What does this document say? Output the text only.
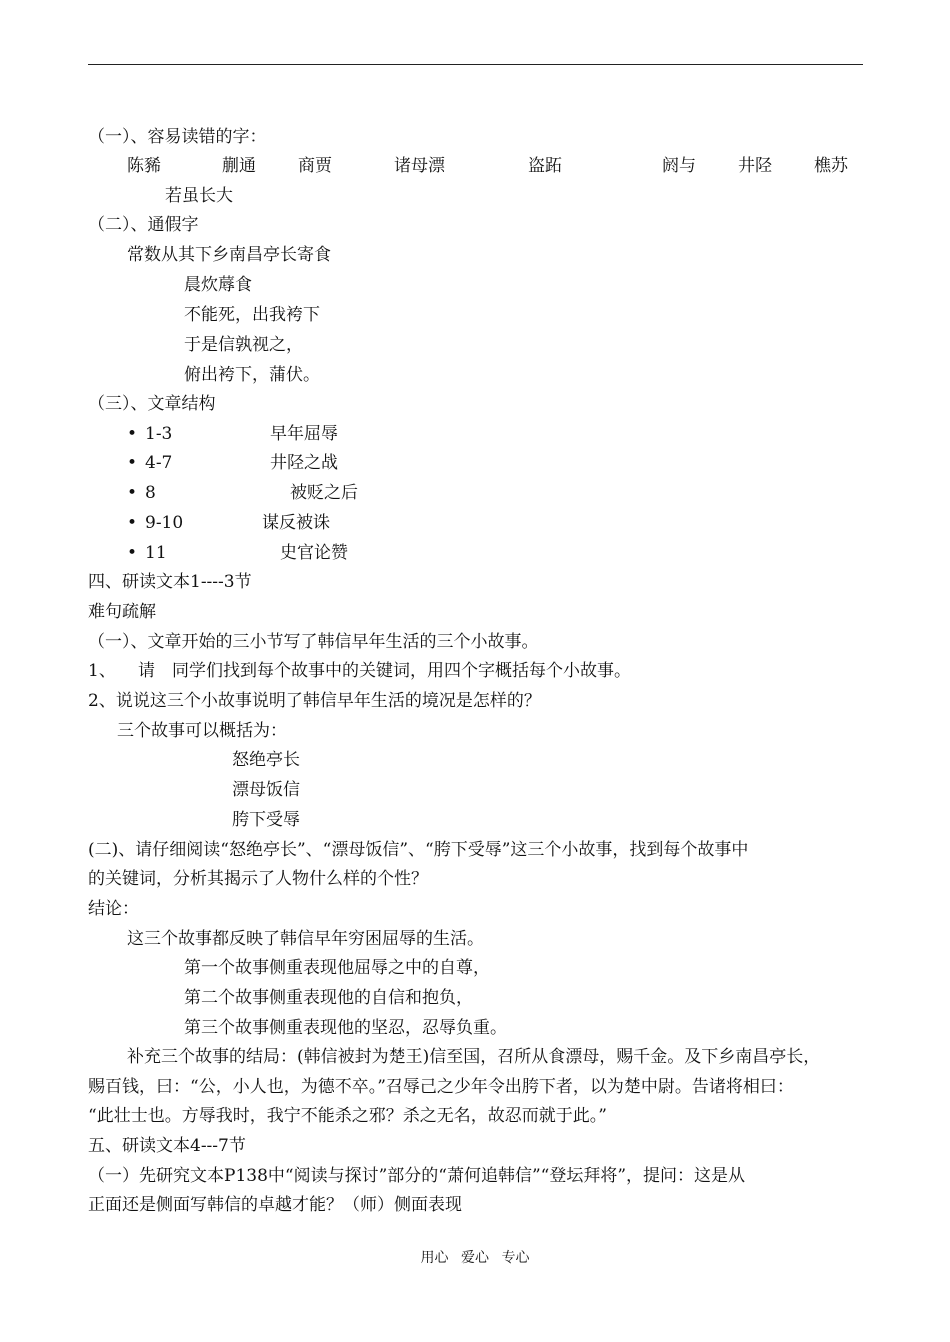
（一）、容易读错的字：
陈豨	蒯通 商贾	诸母漂	盗跖	阏与 井陉 樵苏
若虽长大
（二）、通假字
常数从其下乡南昌亭长寄食
晨炊蓐食
不能死，出我袴下
于是信孰视之，
俯出袴下，蒲伏。
（三）、文章结构
• 1-3	早年屈辱
• 4-7	井陉之战
• 8	被贬之后
• 9-10	谋反被诛
• 11	史官论赞
四、研读文本1----3节
难句疏解
（一）、文章开始的三小节写了韩信早年生活的三个小故事。
1、 请　同学们找到每个故事中的关键词，用四个字概括每个小故事。
2、说说这三个小故事说明了韩信早年生活的境况是怎样的？
三个故事可以概括为：
怒绝亭长
漂母饭信
胯下受辱
(二)、请仔细阅读“怒绝亭长”、“漂母饭信”、“胯下受辱”这三个小故事，找到每个故事中
的关键词，分析其揭示了人物什么样的个性？
结论：
这三个故事都反映了韩信早年穷困屈辱的生活。
第一个故事侧重表现他屈辱之中的自尊，
第二个故事侧重表现他的自信和抱负，
第三个故事侧重表现他的坚忍，忍辱负重。
补充三个故事的结局：(韩信被封为楚王)信至国，召所从食漂母，赐千金。及下乡南昌亭长，
赐百钱，曰：“公，小人也，为德不卒。”召辱己之少年令出胯下者，以为楚中尉。告诸将相曰：
“此壮士也。方辱我时，我宁不能杀之邪？杀之无名，故忍而就于此。”
五、研读文本4---7节
（一）先研究文本P138中“阅读与探讨”部分的“萧何追韩信”“登坛拜将”，提问：这是从
正面还是侧面写韩信的卓越才能？（师）侧面表现
用心 爱心 专心
